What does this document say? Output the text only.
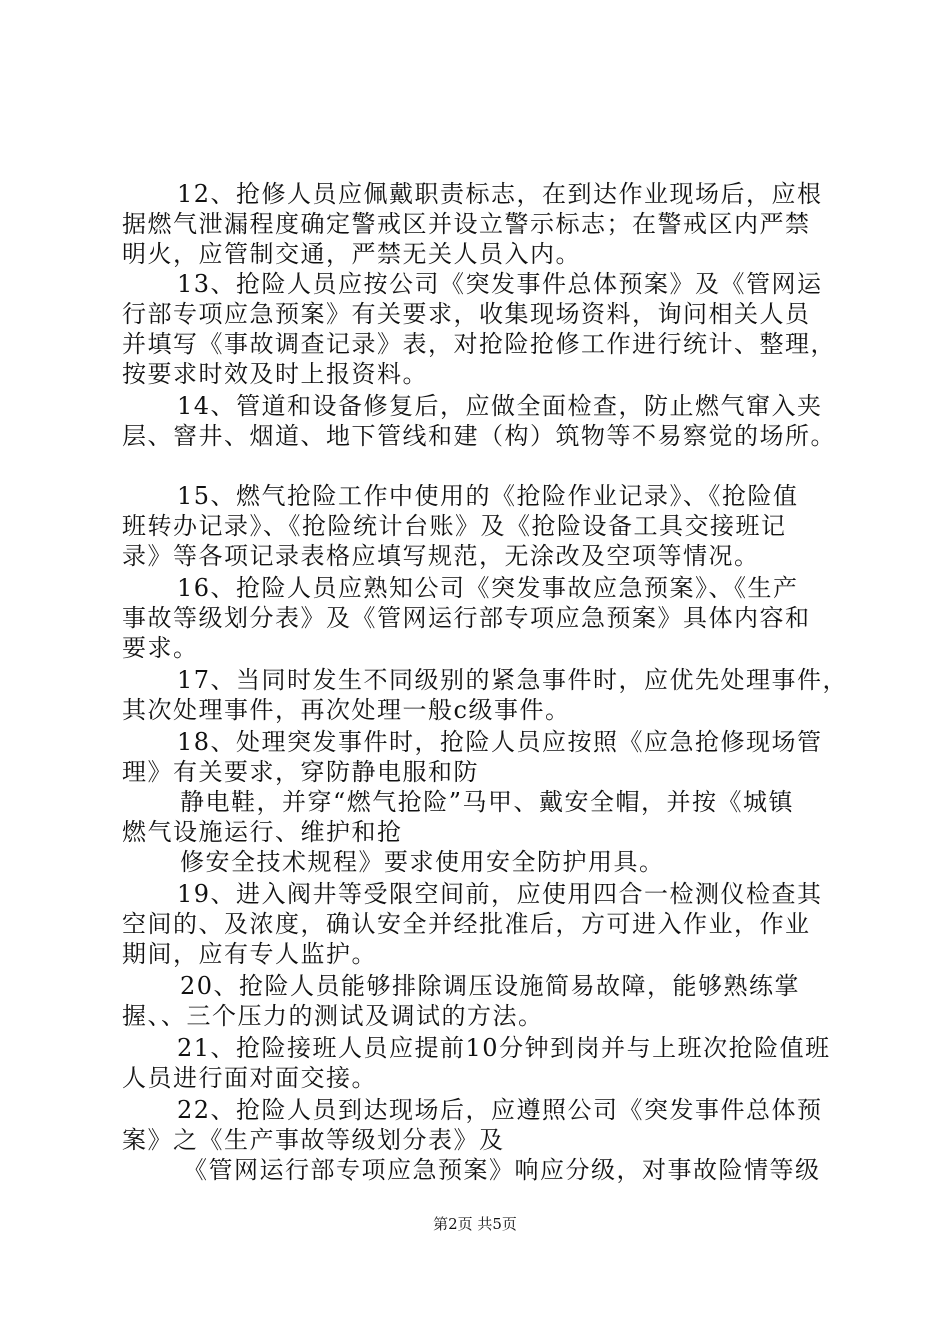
12、抢修人员应佩戴职责标志，在到达作业现场后，应根
据燃气泄漏程度确定警戒区并设立警示标志；在警戒区内严禁
明火，应管制交通，严禁无关人员入内。
13、抢险人员应按公司《突发事件总体预案》及《管网运
行部专项应急预案》有关要求，收集现场资料，询问相关人员
并填写《事故调查记录》表，对抢险抢修工作进行统计、整理，
按要求时效及时上报资料。
14、管道和设备修复后，应做全面检查，防止燃气窜入夹
层、窨井、烟道、地下管线和建（构）筑物等不易察觉的场所。
15、燃气抢险工作中使用的《抢险作业记录》、《抢险值
班转办记录》、《抢险统计台账》及《抢险设备工具交接班记
录》等各项记录表格应填写规范，无涂改及空项等情况。
16、抢险人员应熟知公司《突发事故应急预案》、《生产
事故等级划分表》及《管网运行部专项应急预案》具体内容和
要求。
17、当同时发生不同级别的紧急事件时，应优先处理事件，
其次处理事件，再次处理一般c级事件。
18、处理突发事件时，抢险人员应按照《应急抢修现场管
理》有关要求，穿防静电服和防
静电鞋，并穿“燃气抢险”马甲、戴安全帽，并按《城镇
燃气设施运行、维护和抢
修安全技术规程》要求使用安全防护用具。
19、进入阀井等受限空间前，应使用四合一检测仪检查其
空间的、及浓度，确认安全并经批准后，方可进入作业，作业
期间，应有专人监护。
20、抢险人员能够排除调压设施简易故障，能够熟练掌
握、、三个压力的测试及调试的方法。
21、抢险接班人员应提前10分钟到岗并与上班次抢险值班
人员进行面对面交接。
22、抢险人员到达现场后，应遵照公司《突发事件总体预
案》之《生产事故等级划分表》及
《管网运行部专项应急预案》响应分级，对事故险情等级
第2页 共5页
